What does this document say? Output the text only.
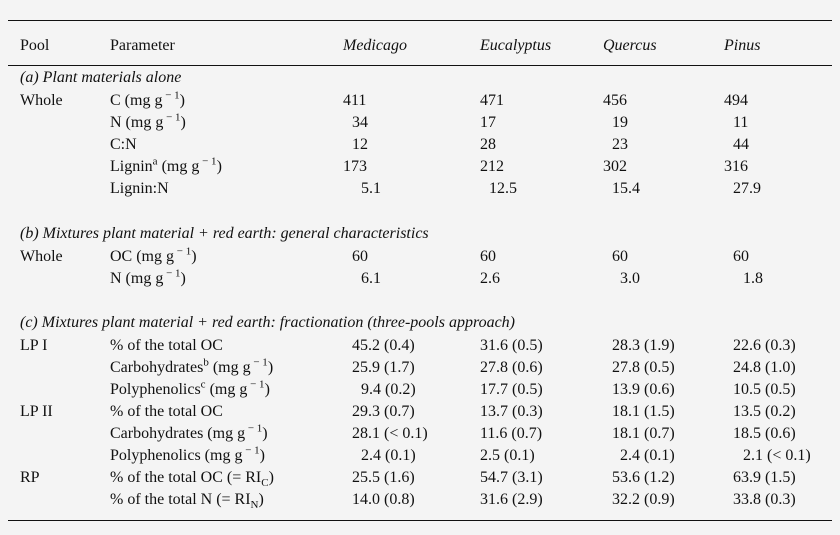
Pool	Parameter	Medicago	Eucalyptus	Quercus	Pinus
(a) Plant materials alone
Whole	C (mg g $^{- 1}$)	411	471	456	494
N (mg g $^{- 1}$)	34	17	19	11
C:N	12	28	23	44
Lignin$^a$ (mg g $^{- 1}$)	173	212	302	316
Lignin:N	5.1	12.5	15.4	27.9
(b) Mixtures plant material + red earth: general characteristics
Whole	OC (mg g $^{- 1}$)	60	60	60	60
N (mg g $^{- 1}$)	6.1	2.6	3.0	1.8
(c) Mixtures plant material + red earth: fractionation (three-pools approach)
LP I	% of the total OC	45.2 (0.4)	31.6 (0.5)	28.3 (1.9)	22.6 (0.3)
Carbohydrates$^b$ (mg g $^{- 1}$)	25.9 (1.7)	27.8 (0.6)	27.8 (0.5)	24.8 (1.0)
Polyphenolics$^c$ (mg g $^{- 1}$)	9.4 (0.2)	17.7 (0.5)	13.9 (0.6)	10.5 (0.5)
LP II	% of the total OC	29.3 (0.7)	13.7 (0.3)	18.1 (1.5)	13.5 (0.2)
Carbohydrates (mg g $^{- 1}$)	28.1 (< 0.1)	11.6 (0.7)	18.1 (0.7)	18.5 (0.6)
Polyphenolics (mg g $^{- 1}$)	2.4 (0.1)	2.5 (0.1)	2.4 (0.1)	2.1 (< 0.1)
RP	% of the total OC (= $RI_C$)	25.5 (1.6)	54.7 (3.1)	53.6 (1.2)	63.9 (1.5)
% of the total N (= $RI_N$)	14.0 (0.8)	31.6 (2.9)	32.2 (0.9)	33.8 (0.3)
